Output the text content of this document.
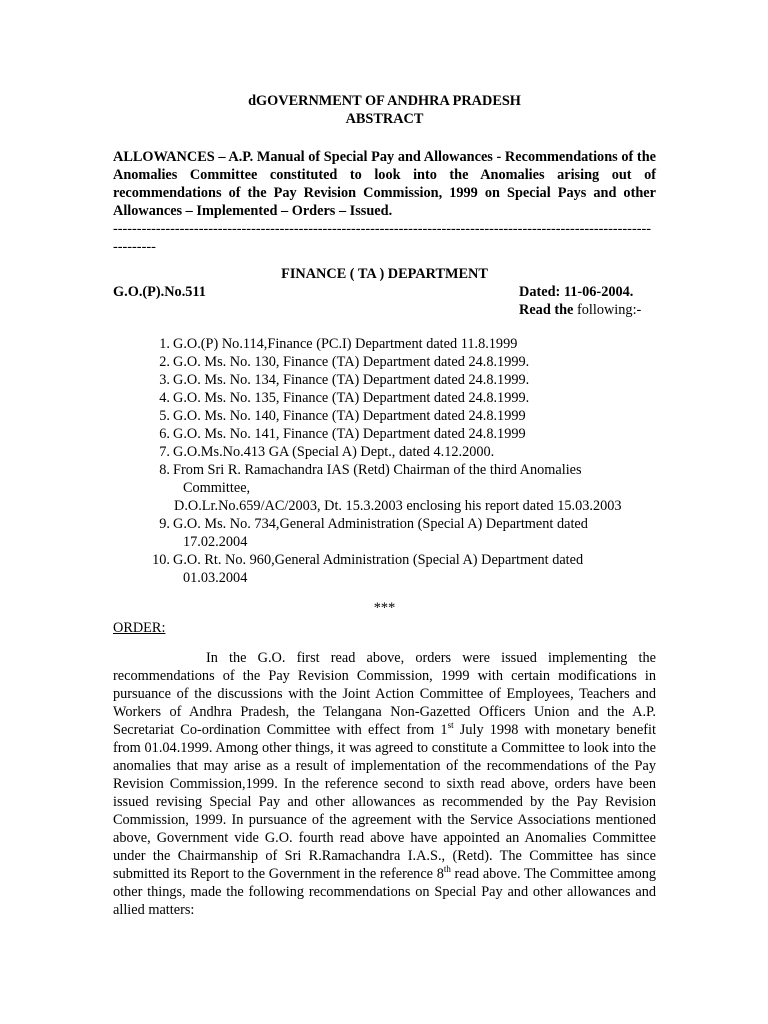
dGOVERNMENT OF ANDHRA PRADESH
ABSTRACT
ALLOWANCES – A.P. Manual of Special Pay and Allowances - Recommendations of the Anomalies Committee constituted to look into the Anomalies arising out of recommendations of the Pay Revision Commission, 1999 on Special Pays and other Allowances – Implemented – Orders – Issued.
-----------------------------------------------------------------------------------------------------------------
---------
FINANCE ( TA ) DEPARTMENT
G.O.(P).No.511	Dated: 11-06-2004.
Read the following:-
1. G.O.(P) No.114,Finance (PC.I) Department dated 11.8.1999
2. G.O. Ms. No. 130, Finance (TA) Department dated 24.8.1999.
3. G.O. Ms. No. 134, Finance (TA) Department dated 24.8.1999.
4. G.O. Ms. No. 135, Finance (TA) Department dated 24.8.1999.
5. G.O. Ms. No. 140, Finance (TA) Department dated 24.8.1999
6. G.O. Ms. No. 141, Finance (TA) Department dated 24.8.1999
7. G.O.Ms.No.413 GA (Special A) Dept., dated 4.12.2000.
8. From Sri R. Ramachandra IAS (Retd) Chairman of the third Anomalies
Committee,
D.O.Lr.No.659/AC/2003, Dt. 15.3.2003 enclosing his report dated 15.03.2003
9. G.O. Ms. No. 734,General Administration (Special A) Department dated
17.02.2004
10. G.O. Rt. No. 960,General Administration (Special A) Department dated
01.03.2004
***
ORDER:
In the G.O. first read above, orders were issued implementing the recommendations of the Pay Revision Commission, 1999 with certain modifications in pursuance of the discussions with the Joint Action Committee of Employees, Teachers and Workers of Andhra Pradesh, the Telangana Non-Gazetted Officers Union and the A.P. Secretariat Co-ordination Committee with effect from 1st July 1998 with monetary benefit from 01.04.1999. Among other things, it was agreed to constitute a Committee to look into the anomalies that may arise as a result of implementation of the recommendations of the Pay Revision Commission,1999. In the reference second to sixth read above, orders have been issued revising Special Pay and other allowances as recommended by the Pay Revision Commission, 1999. In pursuance of the agreement with the Service Associations mentioned above, Government vide G.O. fourth read above have appointed an Anomalies Committee under the Chairmanship of Sri R.Ramachandra I.A.S., (Retd). The Committee has since submitted its Report to the Government in the reference 8th read above. The Committee among other things, made the following recommendations on Special Pay and other allowances and allied matters:
